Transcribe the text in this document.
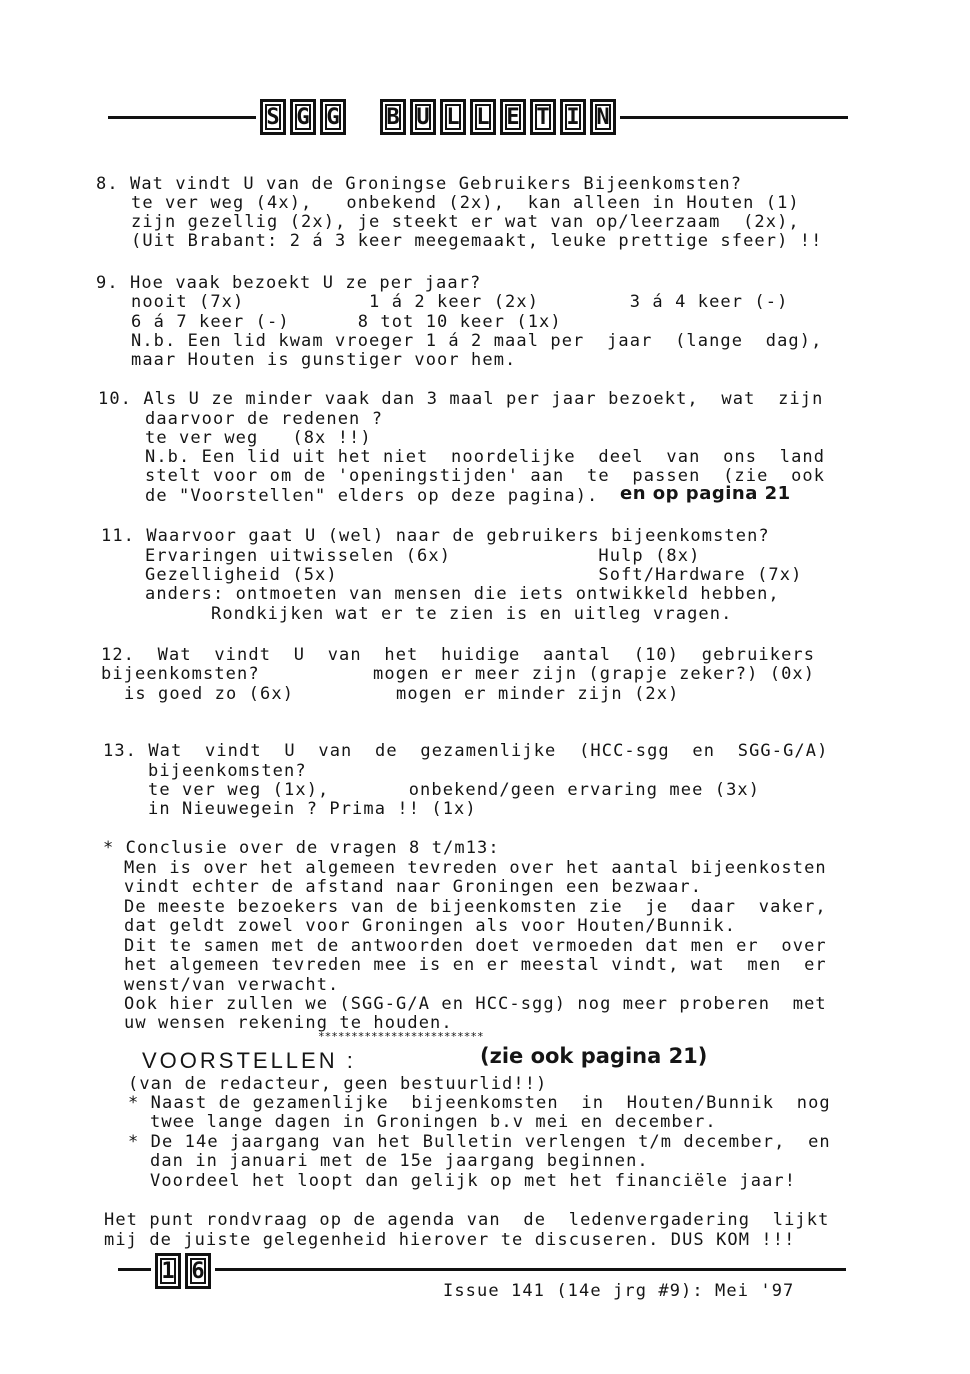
S G G B U L L E T I N
8. Wat vindt U van de Groningse Gebruikers Bijeenkomsten?
te ver weg (4x),   onbekend (2x),  kan alleen in Houten (1)
zijn gezellig (2x), je steekt er wat van op/leerzaam  (2x),
(Uit Brabant: 2 á 3 keer meegemaakt, leuke prettige sfeer) !!
9. Hoe vaak bezoekt U ze per jaar?
nooit (7x)           1 á 2 keer (2x)        3 á 4 keer (-)
6 á 7 keer (-)      8 tot 10 keer (1x)
N.b. Een lid kwam vroeger 1 á 2 maal per  jaar  (lange  dag),
maar Houten is gunstiger voor hem.
10. Als U ze minder vaak dan 3 maal per jaar bezoekt,  wat  zijn
daarvoor de redenen ?
te ver weg   (8x !!)
N.b. Een lid uit het niet  noordelijke  deel  van  ons  land
stelt voor om de 'openingstijden' aan  te  passen  (zie  ook
de "Voorstellen" elders op deze pagina). en op pagina 21
11. Waarvoor gaat U (wel) naar de gebruikers bijeenkomsten?
Ervaringen uitwisselen (6x)             Hulp (8x)
Gezelligheid (5x)                       Soft/Hardware (7x)
anders: ontmoeten van mensen die iets ontwikkeld hebben,
Rondkijken wat er te zien is en uitleg vragen.
12.  Wat  vindt  U  van  het  huidige  aantal  (10)  gebruikers
bijeenkomsten?          mogen er meer zijn (grapje zeker?) (0x)
is goed zo (6x)         mogen er minder zijn (2x)
13. Wat  vindt  U  van  de  gezamenlijke  (HCC-sgg  en  SGG-G/A)
bijeenkomsten?
te ver weg (1x),       onbekend/geen ervaring mee (3x)
in Nieuwegein ? Prima !! (1x)
* Conclusie over de vragen 8 t/m13:
Men is over het algemeen tevreden over het aantal bijeenkosten
vindt echter de afstand naar Groningen een bezwaar.
De meeste bezoekers van de bijeenkomsten zie  je  daar  vaker,
dat geldt zowel voor Groningen als voor Houten/Bunnik.
Dit te samen met de antwoorden doet vermoeden dat men er  over
het algemeen tevreden mee is en er meestal vindt, wat  men  er
wenst/van verwacht.
Ook hier zullen we (SGG-G/A en HCC-sgg) nog meer proberen  met
uw wensen rekening te houden.
*************************
VOORSTELLEN :	(zie ook pagina 21)
(van de redacteur, geen bestuurlid!!)
* Naast de gezamenlijke  bijeenkomsten  in  Houten/Bunnik  nog
twee lange dagen in Groningen b.v mei en december.
* De 14e jaargang van het Bulletin verlengen t/m december,  en
dan in januari met de 15e jaargang beginnen.
Voordeel het loopt dan gelijk op met het financiële jaar!
Het punt rondvraag op de agenda van  de  ledenvergadering  lijkt
mij de juiste gelegenheid hierover te discuseren. DUS KOM !!!
1 6
Issue 141 (14e jrg #9): Mei '97
